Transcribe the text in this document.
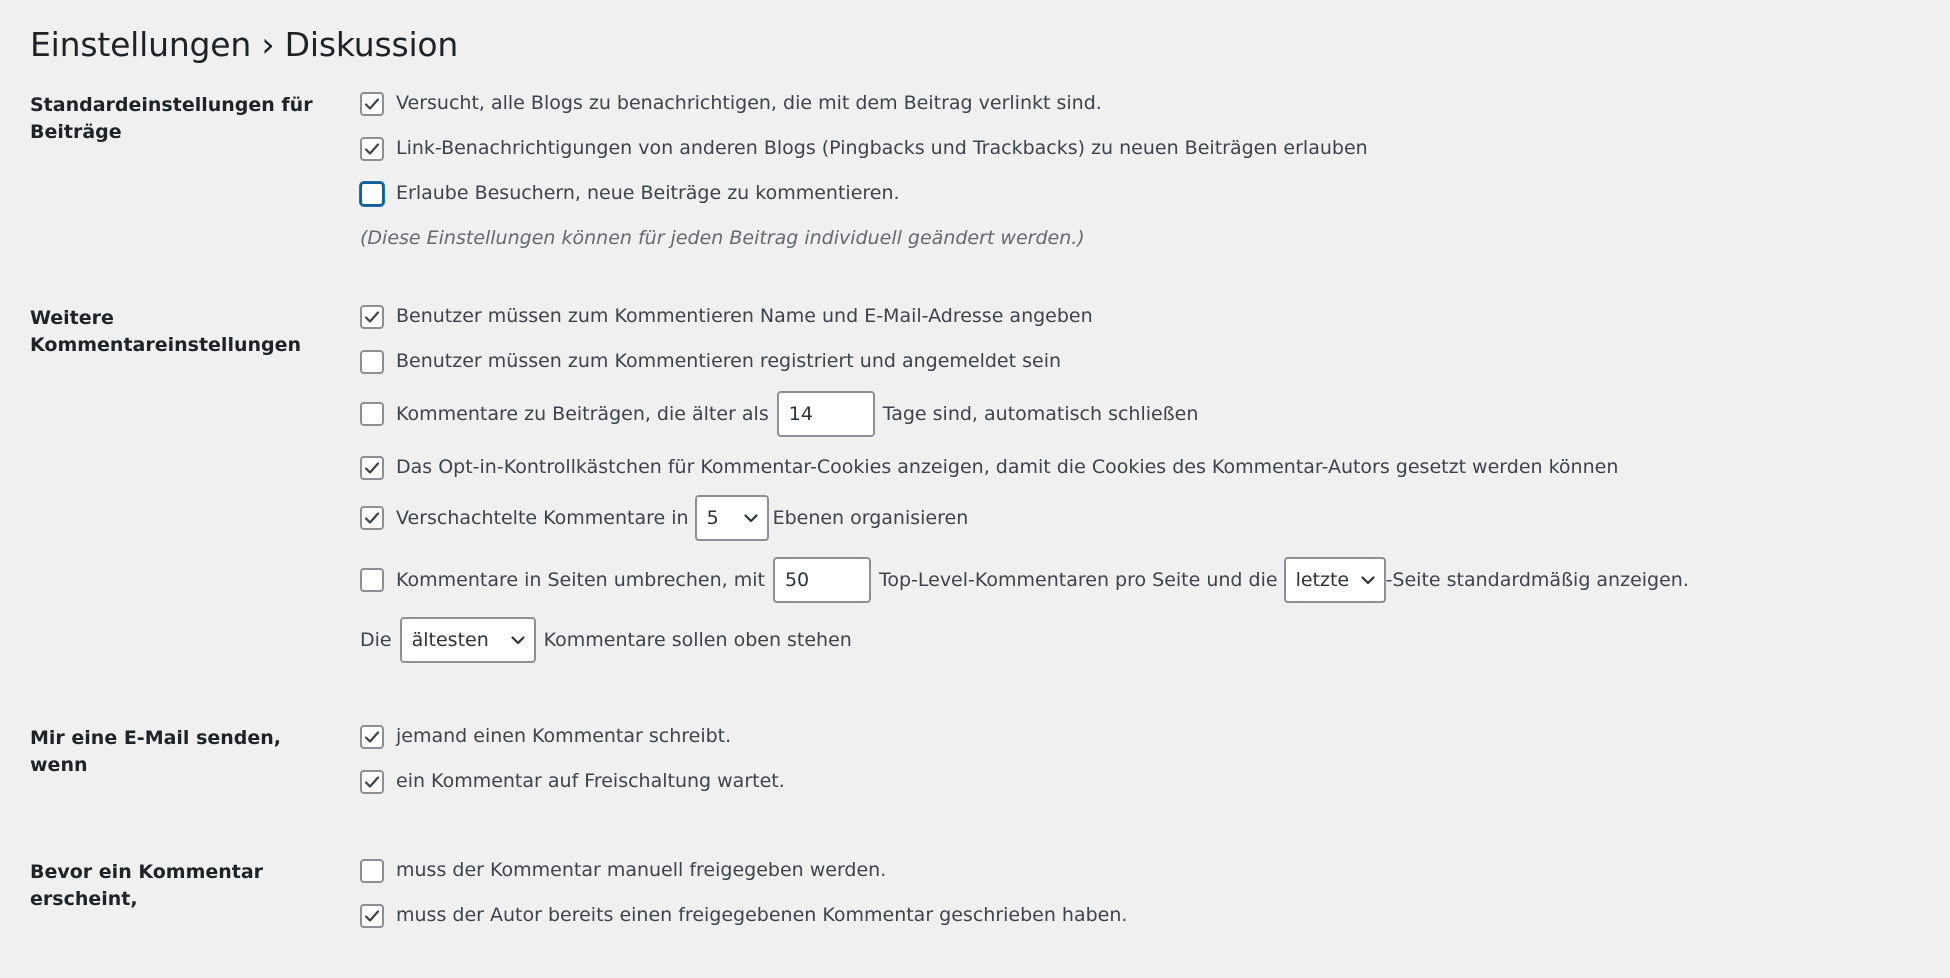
Einstellungen › Diskussion
Standardeinstellungen für Beiträge
Versucht, alle Blogs zu benachrichtigen, die mit dem Beitrag verlinkt sind.
Link-Benachrichtigungen von anderen Blogs (Pingbacks und Trackbacks) zu neuen Beiträgen erlauben
Erlaube Besuchern, neue Beiträge zu kommentieren.
(Diese Einstellungen können für jeden Beitrag individuell geändert werden.)
Weitere Kommentareinstellungen
Benutzer müssen zum Kommentieren Name und E-Mail-Adresse angeben
Benutzer müssen zum Kommentieren registriert und angemeldet sein
Kommentare zu Beiträgen, die älter als	14	Tage sind, automatisch schließen
Das Opt-in-Kontrollkästchen für Kommentar-Cookies anzeigen, damit die Cookies des Kommentar-Autors gesetzt werden können
Verschachtelte Kommentare in 5	Ebenen organisieren
Kommentare in Seiten umbrechen, mit	50	Top-Level-Kommentaren pro Seite und die letzte -Seite standardmäßig anzeigen.
Die ältesten	Kommentare sollen oben stehen
Mir eine E-Mail senden, wenn
jemand einen Kommentar schreibt.
ein Kommentar auf Freischaltung wartet.
Bevor ein Kommentar erscheint,
muss der Kommentar manuell freigegeben werden.
muss der Autor bereits einen freigegebenen Kommentar geschrieben haben.
